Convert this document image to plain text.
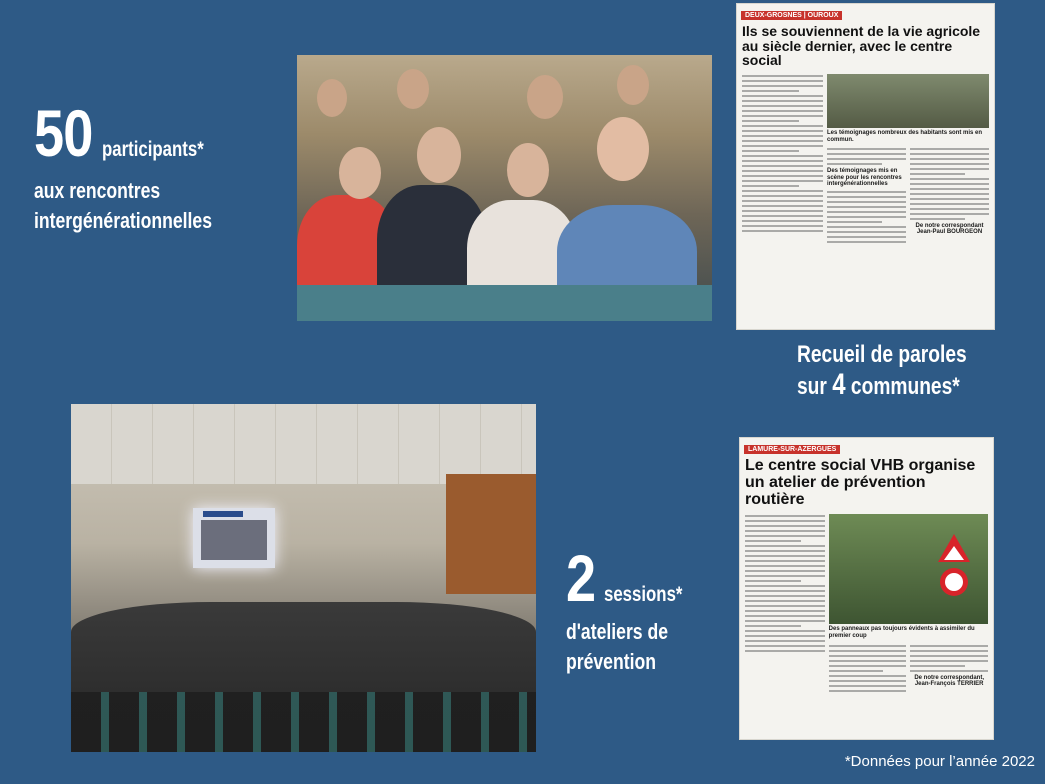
50 participants*
aux rencontres
intergénérationnelles
Recueil de paroles
sur 4 communes*
2 sessions*
d'ateliers de
prévention
DEUX-GROSNES | OUROUX
Ils se souviennent de la vie agricole au siècle dernier, avec le centre social
Les témoignages nombreux des habitants sont mis en commun.
Des témoignages mis en scène pour les rencontres intergénérationnelles
De notre correspondant
Jean-Paul BOURGEON
LAMURE-SUR-AZERGUES
Le centre social VHB organise un atelier de prévention routière
Des panneaux pas toujours évidents à assimiler du premier coup
De notre correspondant,
Jean-François TERRIER
*Données pour l’année 2022
